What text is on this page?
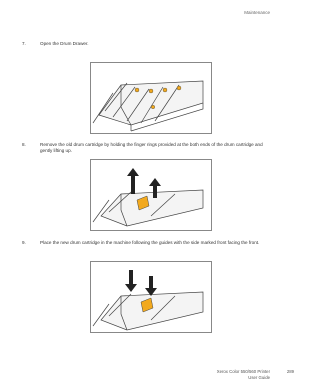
Maintenance
7.	Open the Drum Drawer.
8.	Remove the old drum cartridge by holding the finger rings provided at the both ends of the drum cartridge and gently lifting up.
9.	Place the new drum cartridge in the machine following the guides with the side marked front facing the front.
Xerox Color 550/560 Printer
User Guide
289
